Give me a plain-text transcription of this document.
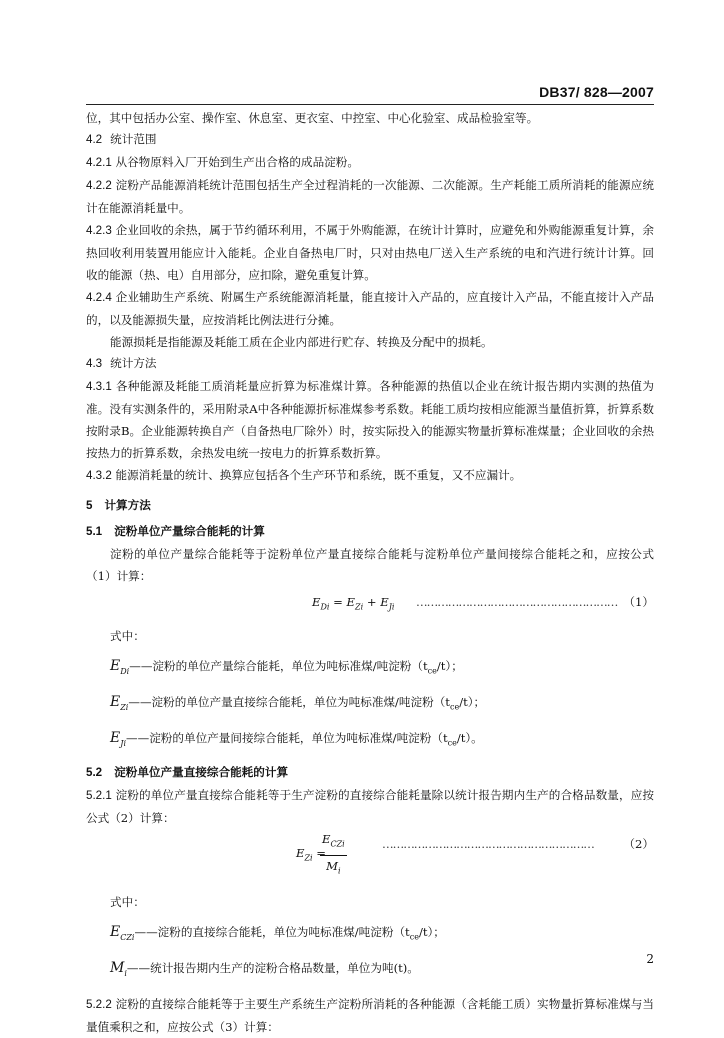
DB37/ 828—2007

位，其中包括办公室、操作室、休息室、更衣室、中控室、中心化验室、成品检验室等。

4.2 统计范围

4.2.1 从谷物原料入厂开始到生产出合格的成品淀粉。

4.2.2 淀粉产品能源消耗统计范围包括生产全过程消耗的一次能源、二次能源。生产耗能工质所消耗的能源应统计在能源消耗量中。

4.2.3 企业回收的余热，属于节约循环利用，不属于外购能源，在统计计算时，应避免和外购能源重复计算，余热回收利用装置用能应计入能耗。企业自备热电厂时，只对由热电厂送入生产系统的电和汽进行统计计算。回收的能源（热、电）自用部分，应扣除，避免重复计算。

4.2.4 企业辅助生产系统、附属生产系统能源消耗量，能直接计入产品的，应直接计入产品，不能直接计入产品的，以及能源损失量，应按消耗比例法进行分摊。

能源损耗是指能源及耗能工质在企业内部进行贮存、转换及分配中的损耗。

4.3 统计方法

4.3.1 各种能源及耗能工质消耗量应折算为标准煤计算。各种能源的热值以企业在统计报告期内实测的热值为准。没有实测条件的，采用附录A中各种能源折标准煤参考系数。耗能工质均按相应能源当量值折算，折算系数按附录B。企业能源转换自产（自备热电厂除外）时，按实际投入的能源实物量折算标准煤量；企业回收的余热按热力的折算系数，余热发电统一按电力的折算系数折算。

4.3.2 能源消耗量的统计、换算应包括各个生产环节和系统，既不重复，又不应漏计。

5 计算方法

5.1 淀粉单位产量综合能耗的计算

淀粉的单位产量综合能耗等于淀粉单位产量直接综合能耗与淀粉单位产量间接综合能耗之和，应按公式（1）计算：

$E_{Di} = E_{Zi} + E_{Ji}$ ………………………………………………… （1）

式中：

$E_{Di}——$淀粉的单位产量综合能耗，单位为吨标准煤/吨淀粉$(t_{ce}/t)$；

$E_{Zi}——$淀粉的单位产量直接综合能耗，单位为吨标准煤/吨淀粉$(t_{ce}/t)$；

$E_{Ji}——$淀粉的单位产量间接综合能耗，单位为吨标准煤/吨淀粉$(t_{ce}/t)$。

5.2 淀粉单位产量直接综合能耗的计算

5.2.1 淀粉的单位产量直接综合能耗等于生产淀粉的直接综合能耗量除以统计报告期内生产的合格品数量，应按公式（2）计算：

$E_{Zi}$ =
$E_{CZi}$
$M_i$
……………………………………………………	（2）

式中：

$E_{CZi}——$淀粉的直接综合能耗，单位为吨标准煤/吨淀粉$(t_{ce}/t)$；

$M_i——$统计报告期内生产的淀粉合格品数量，单位为吨(t)。

5.2.2 淀粉的直接综合能耗等于主要生产系统生产淀粉所消耗的各种能源（含耗能工质）实物量折算标准煤与当量值乘积之和，应按公式（3）计算：

2
